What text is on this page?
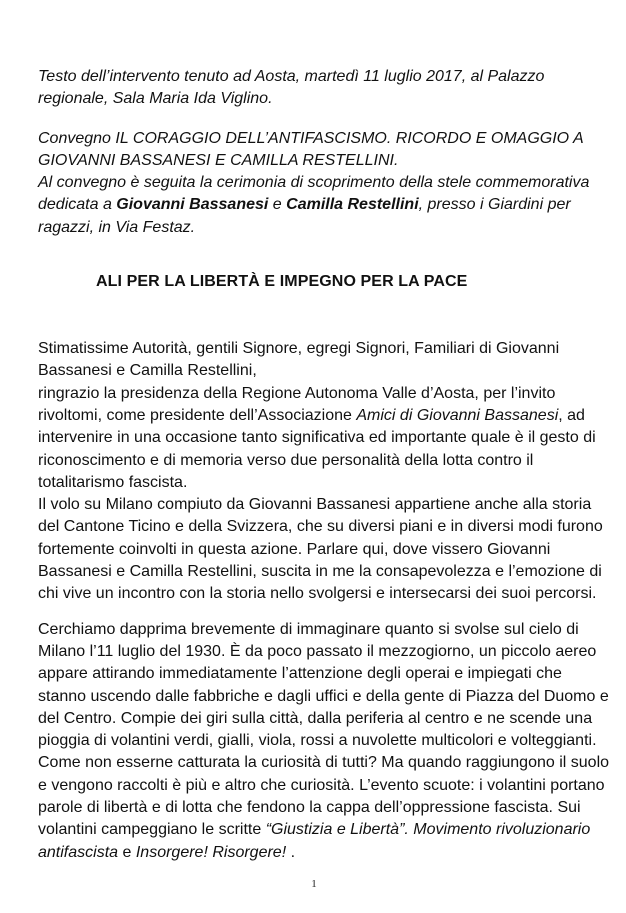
Testo dell’intervento tenuto ad Aosta, martedì 11 luglio 2017, al Palazzo regionale, Sala Maria Ida Viglino.
Convegno IL CORAGGIO DELL’ANTIFASCISMO. RICORDO E OMAGGIO A GIOVANNI BASSANESI E CAMILLA RESTELLINI.
Al convegno è seguita la cerimonia di scoprimento della stele commemorativa dedicata a Giovanni Bassanesi e Camilla Restellini, presso i Giardini per ragazzi, in Via Festaz.
ALI PER LA LIBERTÀ E IMPEGNO PER LA PACE
Stimatissime Autorità, gentili Signore, egregi Signori, Familiari di Giovanni Bassanesi e Camilla Restellini,
ringrazio la presidenza della Regione Autonoma Valle d’Aosta, per l’invito rivoltomi, come presidente dell’Associazione Amici di Giovanni Bassanesi, ad intervenire in una occasione tanto significativa ed importante quale è il gesto di riconoscimento e di memoria verso due personalità della lotta contro il totalitarismo fascista.
Il volo su Milano compiuto da Giovanni Bassanesi appartiene anche alla storia del Cantone Ticino e della Svizzera, che su diversi piani e in diversi modi furono fortemente coinvolti in questa azione. Parlare qui, dove vissero Giovanni Bassanesi e Camilla Restellini, suscita in me la consapevolezza e l’emozione di chi vive un incontro con la storia nello svolgersi e intersecarsi dei suoi percorsi.
Cerchiamo dapprima brevemente di immaginare quanto si svolse sul cielo di Milano l’11 luglio del 1930. È da poco passato il mezzogiorno, un piccolo aereo appare attirando immediatamente l’attenzione degli operai e impiegati che stanno uscendo dalle fabbriche e dagli uffici e della gente di Piazza del Duomo e del Centro. Compie dei giri sulla città, dalla periferia al centro e ne scende una pioggia di volantini verdi, gialli, viola, rossi a nuvolette multicolori e volteggianti. Come non esserne catturata la curiosità di tutti? Ma quando raggiungono il suolo e vengono raccolti è più e altro che curiosità. L’evento scuote: i volantini portano parole di libertà e di lotta che fendono la cappa dell’oppressione fascista. Sui volantini campeggiano le scritte “Giustizia e Libertà”. Movimento rivoluzionario antifascista e Insorgere! Risorgere! .
1
